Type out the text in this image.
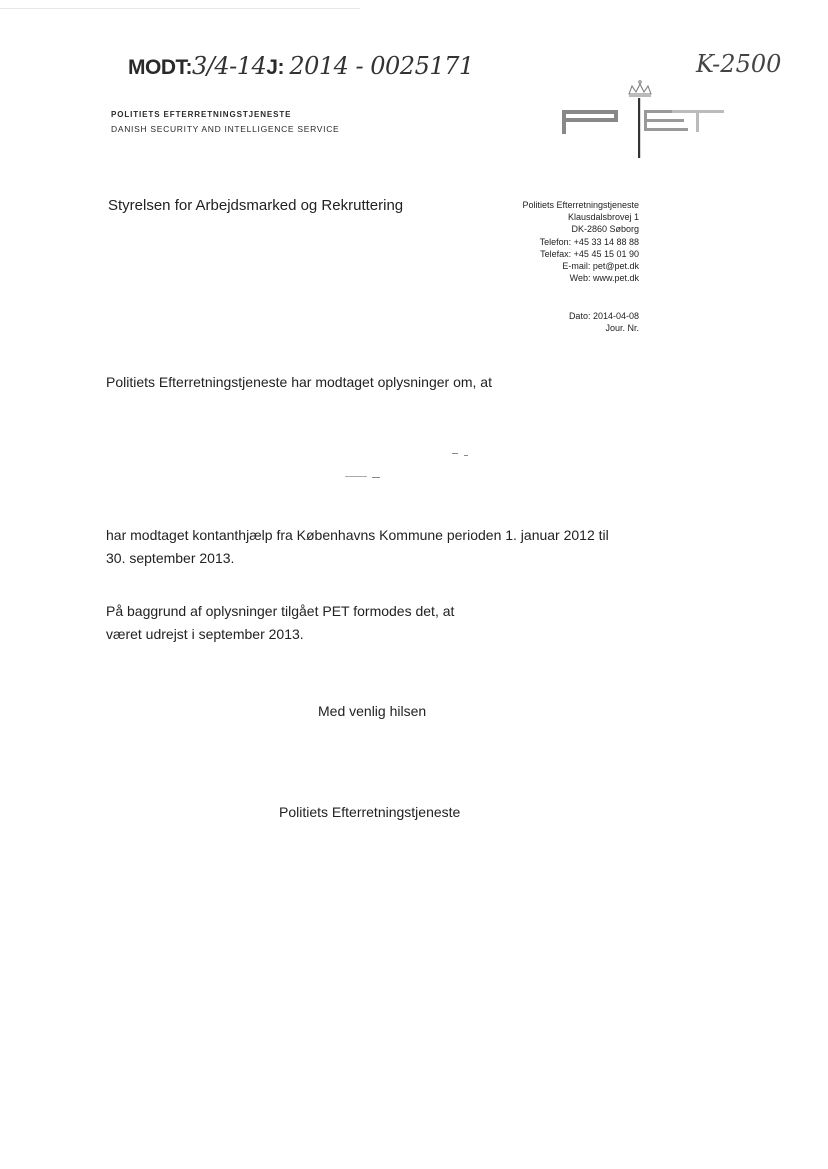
MODT:3/4-14J: 2014 - 0025171	K-2500
POLITIETS EFTERRETNINGSTJENESTE
DANISH SECURITY AND INTELLIGENCE SERVICE
Styrelsen for Arbejdsmarked og Rekruttering	Politiets Efterretningstjeneste
Klausdalsbrovej 1
DK-2860 Søborg
Telefon: +45 33 14 88 88
Telefax: +45 45 15 01 90
E-mail: pet@pet.dk
Web: www.pet.dk
Dato: 2014-04-08
Jour. Nr.
Politiets Efterretningstjeneste har modtaget oplysninger om, at
har modtaget kontanthjælp fra Københavns Kommune perioden 1. januar 2012 til
30. september 2013.
På baggrund af oplysninger tilgået PET formodes det, at
været udrejst i september 2013.
Med venlig hilsen
Politiets Efterretningstjeneste
